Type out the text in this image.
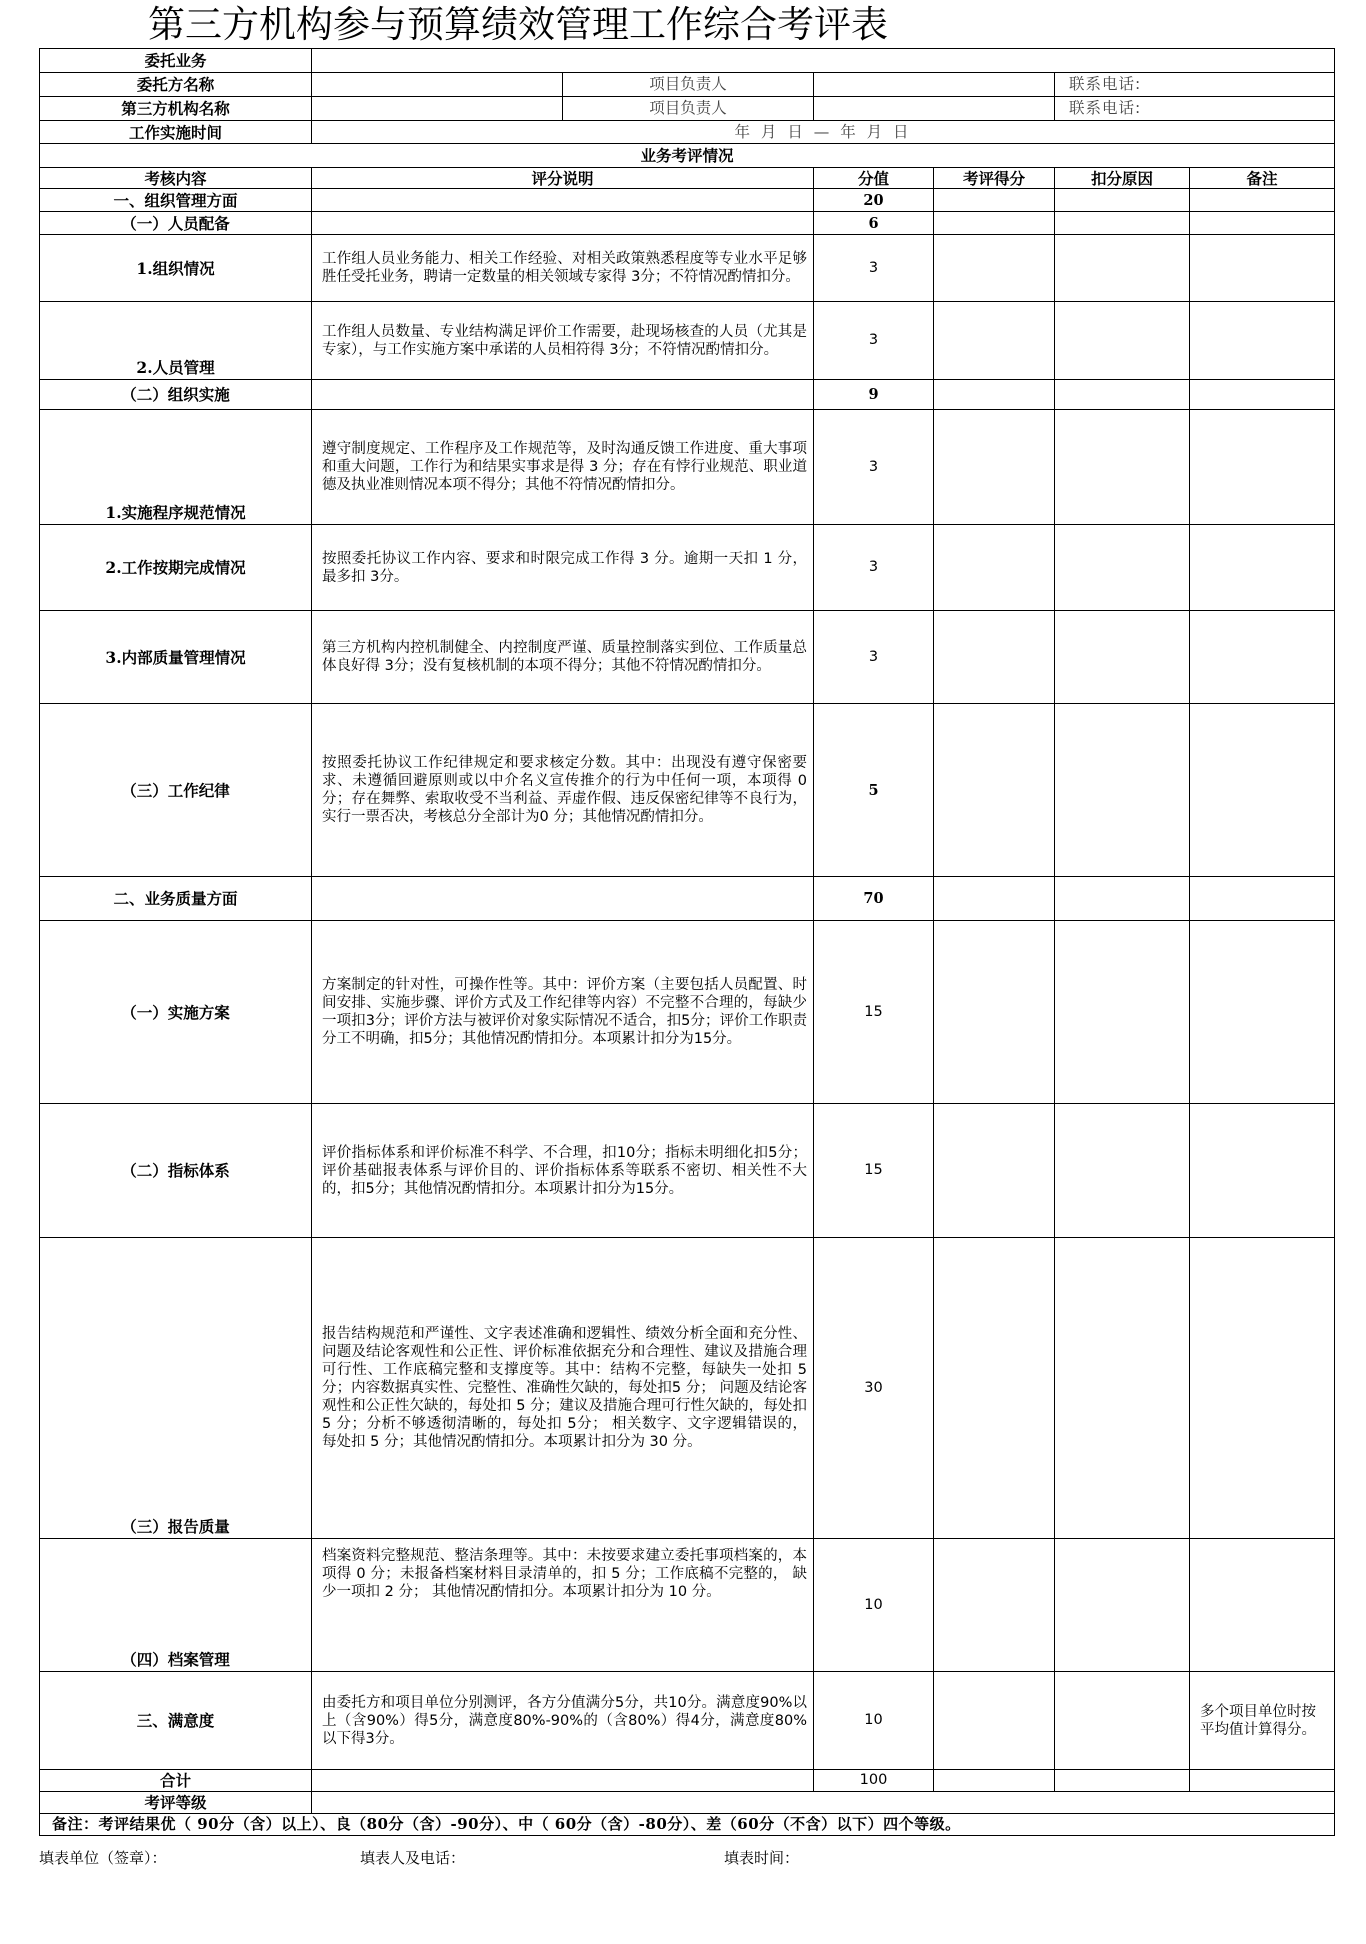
第三方机构参与预算绩效管理工作综合考评表
委托业务						
委托方名称		项目负责人			联系电话:	
第三方机构名称		项目负责人			联系电话:	
工作实施时间	年 月 日 — 年 月 日					
业务考评情况						
考核内容	评分说明		分值	考评得分	扣分原因	备注
一、组织管理方面			20			
（一）人员配备			6			
1.组织情况	工作组人员业务能力、相关工作经验、对相关政策熟悉程度等专业水平足够胜任受托业务，聘请一定数量的相关领域专家得 3分；不符情况酌情扣分。		3			
2.人员管理	工作组人员数量、专业结构满足评价工作需要，赴现场核查的人员（尤其是专家），与工作实施方案中承诺的人员相符得 3分；不符情况酌情扣分。		3			
（二）组织实施			9			
1.实施程序规范情况	遵守制度规定、工作程序及工作规范等，及时沟通反馈工作进度、重大事项和重大问题，工作行为和结果实事求是得 3 分；存在有悖行业规范、职业道德及执业准则情况本项不得分；其他不符情况酌情扣分。		3			
2.工作按期完成情况	按照委托协议工作内容、要求和时限完成工作得 3 分。逾期一天扣 1 分，最多扣 3分。		3			
3.内部质量管理情况	第三方机构内控机制健全、内控制度严谨、质量控制落实到位、工作质量总体良好得 3分；没有复核机制的本项不得分；其他不符情况酌情扣分。		3			
（三）工作纪律	按照委托协议工作纪律规定和要求核定分数。其中：出现没有遵守保密要求、未遵循回避原则或以中介名义宣传推介的行为中任何一项，本项得 0 分；存在舞弊、索取收受不当利益、弄虚作假、违反保密纪律等不良行为，实行一票否决，考核总分全部计为0 分；其他情况酌情扣分。		5			
二、业务质量方面			70			
（一）实施方案	方案制定的针对性，可操作性等。其中：评价方案（主要包括人员配置、时间安排、实施步骤、评价方式及工作纪律等内容）不完整不合理的，每缺少一项扣3分；评价方法与被评价对象实际情况不适合，扣5分；评价工作职责分工不明确，扣5分；其他情况酌情扣分。本项累计扣分为15分。		15			
（二）指标体系	评价指标体系和评价标准不科学、不合理，扣10分；指标未明细化扣5分；评价基础报表体系与评价目的、评价指标体系等联系不密切、相关性不大的，扣5分；其他情况酌情扣分。本项累计扣分为15分。		15			
（三）报告质量	报告结构规范和严谨性、文字表述准确和逻辑性、绩效分析全面和充分性、问题及结论客观性和公正性、评价标准依据充分和合理性、建议及措施合理可行性、工作底稿完整和支撑度等。其中：结构不完整，每缺失一处扣 5 分；内容数据真实性、完整性、准确性欠缺的，每处扣5 分； 问题及结论客观性和公正性欠缺的，每处扣 5 分；建议及措施合理可行性欠缺的，每处扣 5 分；分析不够透彻清晰的，每处扣 5分； 相关数字、文字逻辑错误的， 每处扣 5 分；其他情况酌情扣分。本项累计扣分为 30 分。		30			
（四）档案管理	档案资料完整规范、整洁条理等。其中：未按要求建立委托事项档案的，本项得 0 分；未报备档案材料目录清单的，扣 5 分；工作底稿不完整的， 缺少一项扣 2 分； 其他情况酌情扣分。本项累计扣分为 10 分。		10			
三、满意度	由委托方和项目单位分别测评，各方分值满分5分，共10分。满意度90%以上（含90%）得5分，满意度80%-90%的（含80%）得4分，满意度80%以下得3分。		10			多个项目单位时按平均值计算得分。
合计			100			
考评等级						
备注：考评结果优（ 90分（含）以上）、良（80分（含）-90分）、中（ 60分（含）-80分）、差（60分（不含）以下）四个等级。						
填表单位（签章）：	填表人及电话：	填表时间：
